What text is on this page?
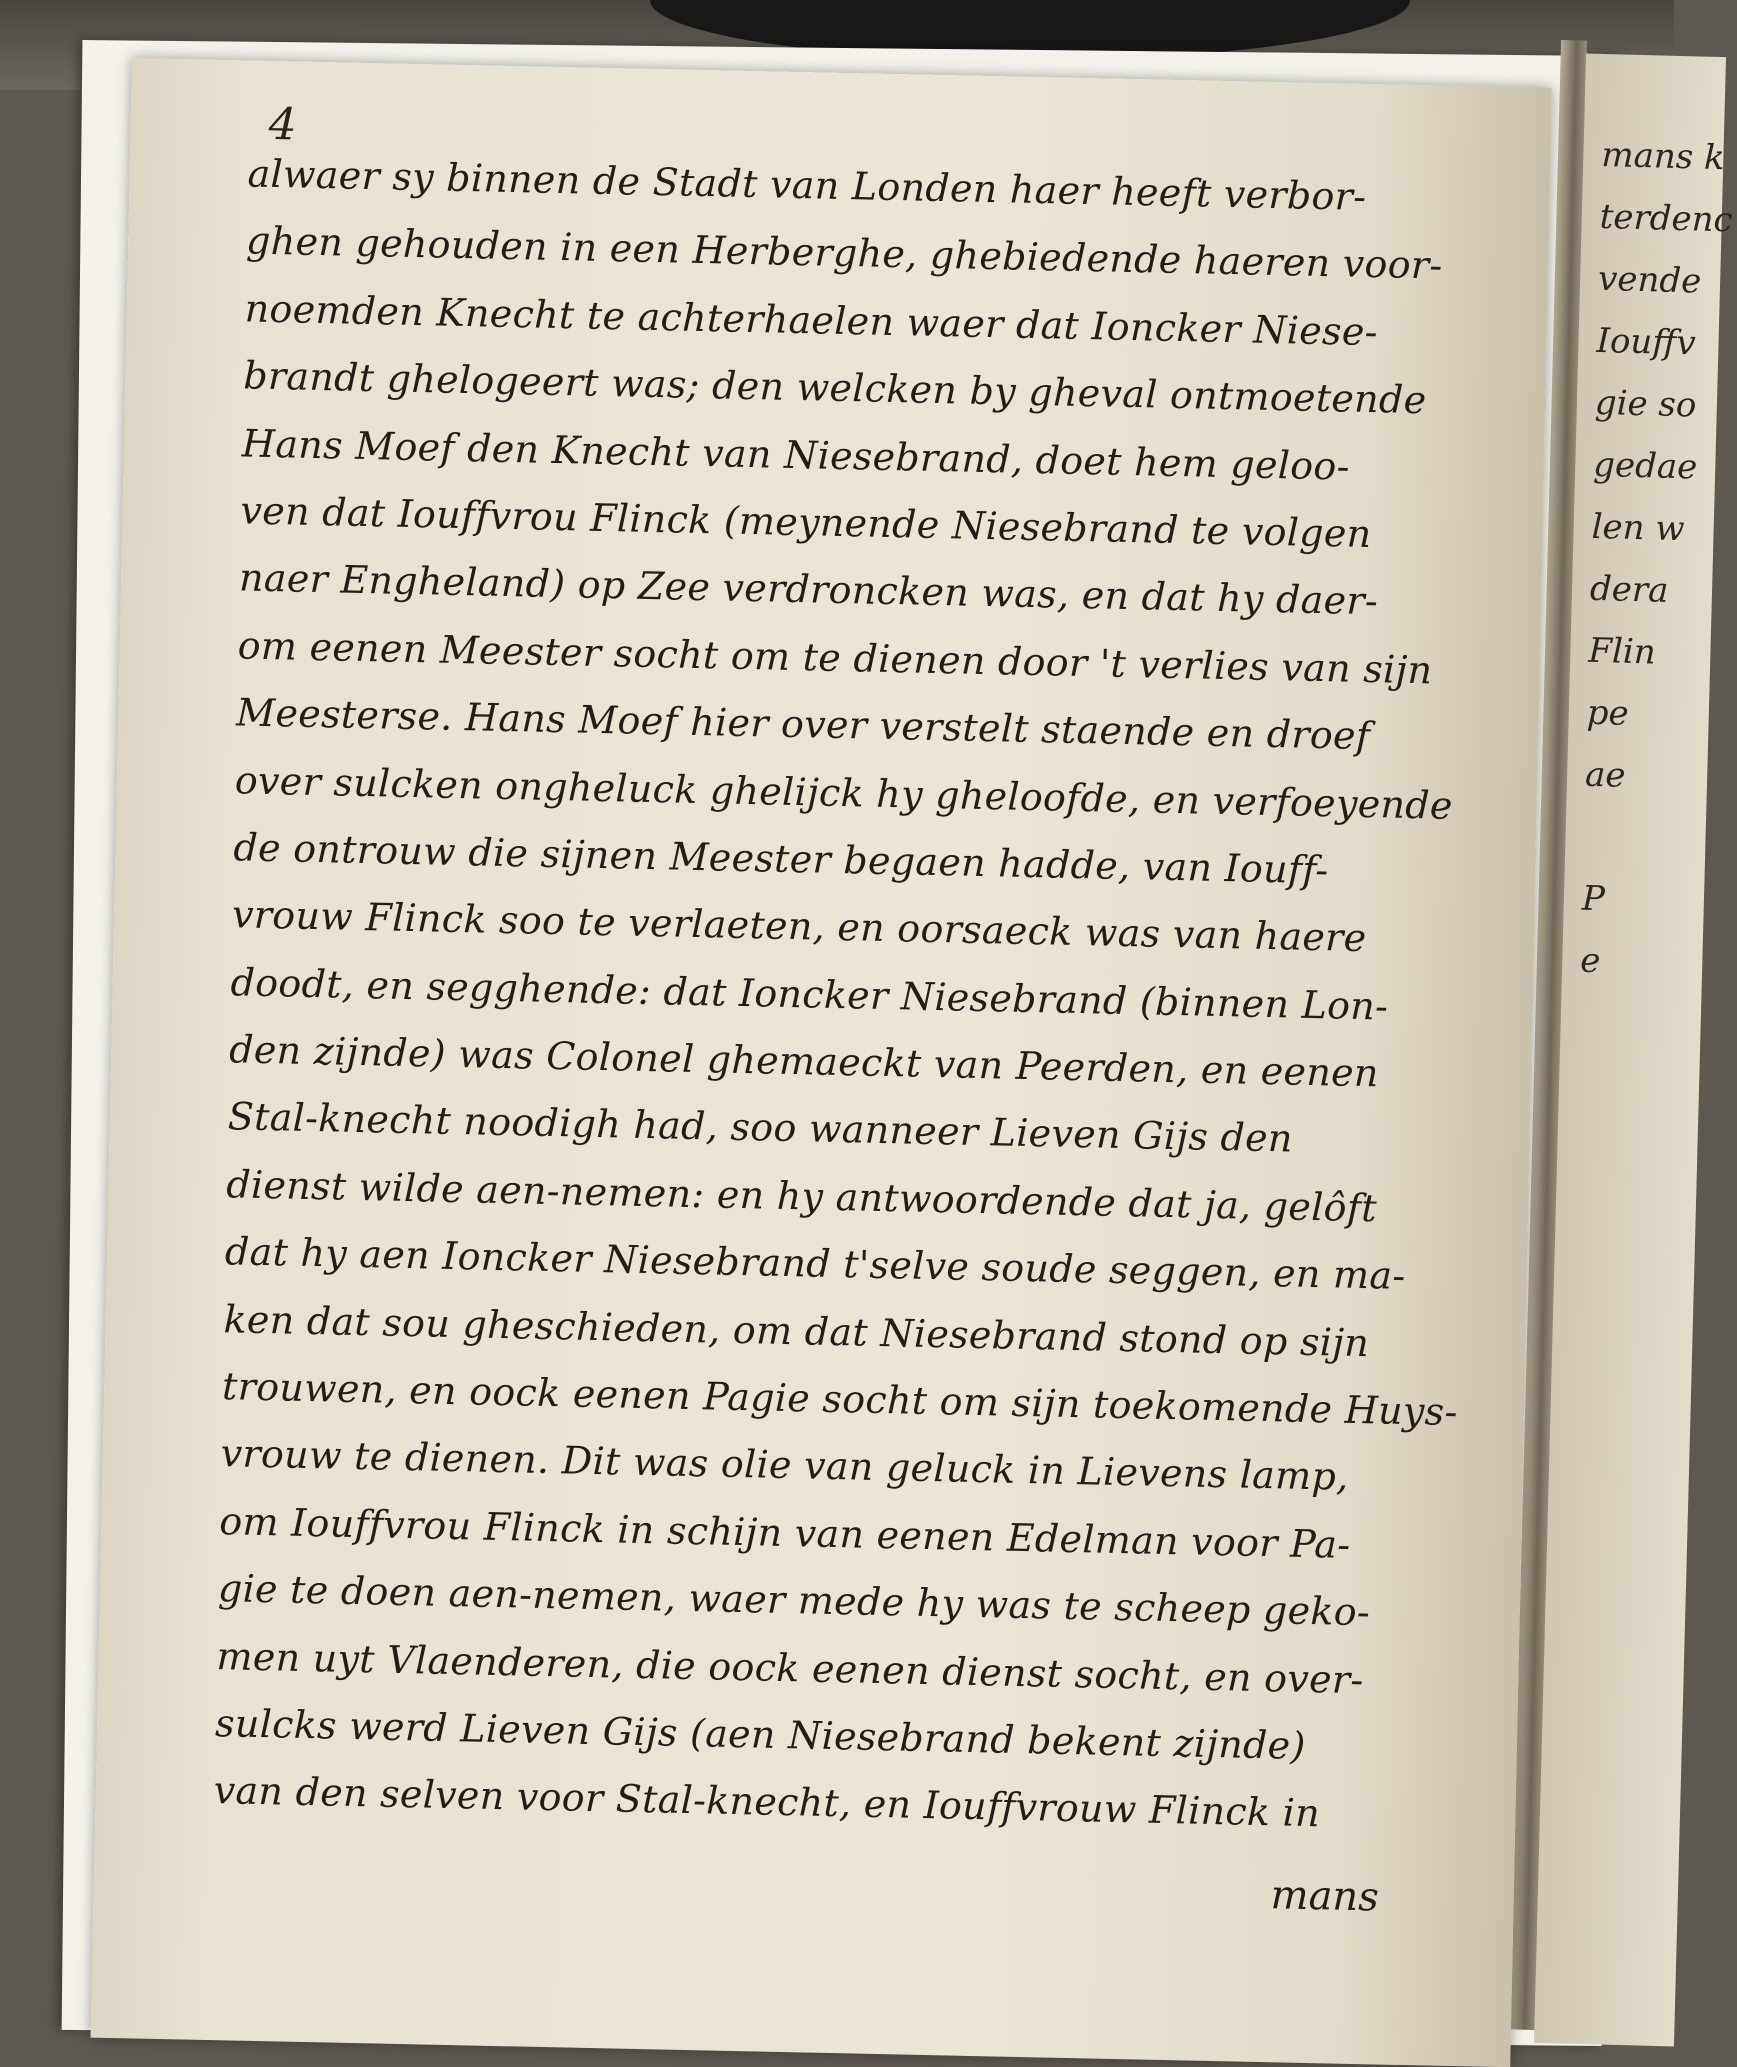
mans k
terdenc
vende
Iouffv
gie so
gedae
len w
dera
Flin
pe
ae
P
e
4
alwaer sy binnen de Stadt van Londen haer heeft verbor-
ghen gehouden in een Herberghe, ghebiedende haeren voor-
noemden Knecht te achterhaelen waer dat Ioncker Niese-
brandt ghelogeert was; den welcken by gheval ontmoetende
Hans Moef den Knecht van Niesebrand, doet hem geloo-
ven dat Iouffvrou Flinck (meynende Niesebrand te volgen
naer Engheland) op Zee verdroncken was, en dat hy daer-
om eenen Meester socht om te dienen door 't verlies van sijn
Meesterse. Hans Moef hier over verstelt staende en droef
over sulcken ongheluck ghelijck hy gheloofde, en verfoeyende
de ontrouw die sijnen Meester begaen hadde, van Iouff-
vrouw Flinck soo te verlaeten, en oorsaeck was van haere
doodt, en segghende: dat Ioncker Niesebrand (binnen Lon-
den zijnde) was Colonel ghemaeckt van Peerden, en eenen
Stal-knecht noodigh had, soo wanneer Lieven Gijs den
dienst wilde aen-nemen: en hy antwoordende dat ja, gelôft
dat hy aen Ioncker Niesebrand t'selve soude seggen, en ma-
ken dat sou gheschieden, om dat Niesebrand stond op sijn
trouwen, en oock eenen Pagie socht om sijn toekomende Huys-
vrouw te dienen. Dit was olie van geluck in Lievens lamp,
om Iouffvrou Flinck in schijn van eenen Edelman voor Pa-
gie te doen aen-nemen, waer mede hy was te scheep geko-
men uyt Vlaenderen, die oock eenen dienst socht, en over-
sulcks werd Lieven Gijs (aen Niesebrand bekent zijnde)
van den selven voor Stal-knecht, en Iouffvrouw Flinck in
mans
